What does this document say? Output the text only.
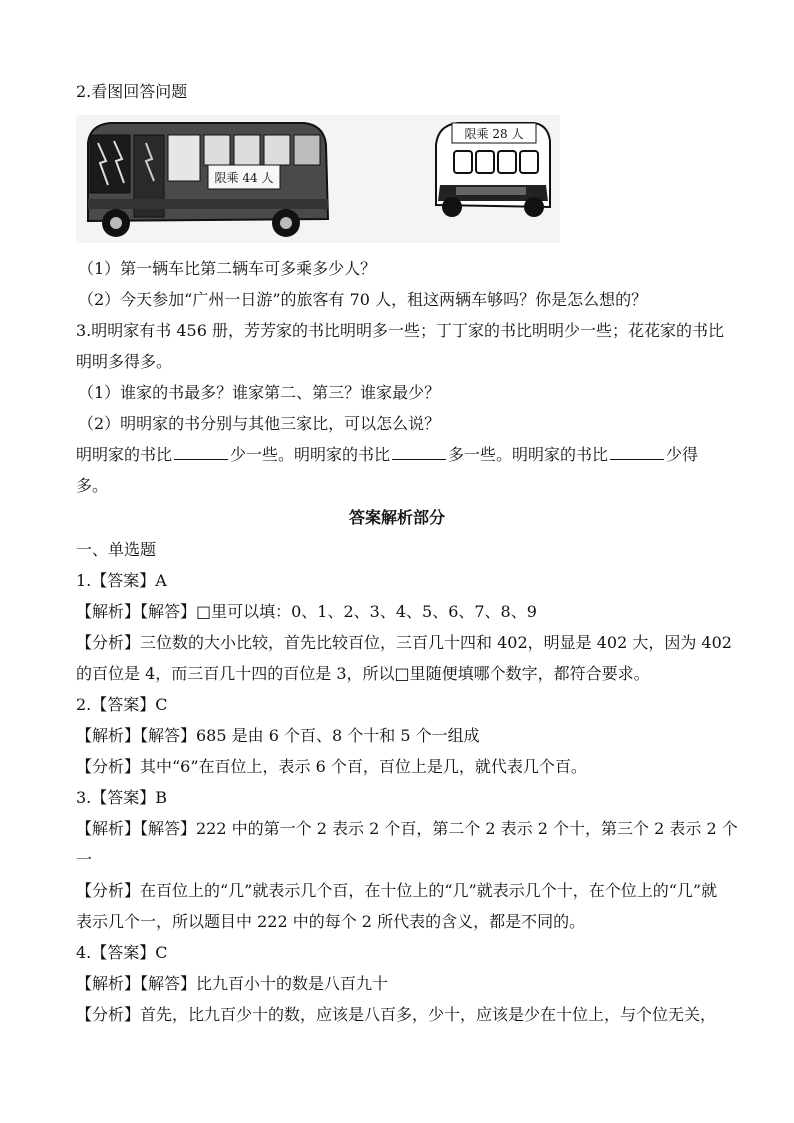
2.看图回答问题
限乘 44 人
限乘 28 人
（1）第一辆车比第二辆车可多乘多少人？
（2）今天参加“广州一日游”的旅客有 70 人，租这两辆车够吗？你是怎么想的？
3.明明家有书 456 册，芳芳家的书比明明多一些；丁丁家的书比明明少一些；花花家的书比
明明多得多。
（1）谁家的书最多？谁家第二、第三？谁家最少？
（2）明明家的书分别与其他三家比，可以怎么说？
明明家的书比	少一些。明明家的书比	多一些。明明家的书比	少得
多。
答案解析部分
一、单选题
1.【答案】A
【解析】【解答】□里可以填：0、1、2、3、4、5、6、7、8、9
【分析】三位数的大小比较，首先比较百位，三百几十四和 402，明显是 402 大，因为 402
的百位是 4，而三百几十四的百位是 3，所以□里随便填哪个数字，都符合要求。
2.【答案】C
【解析】【解答】685 是由 6 个百、8 个十和 5 个一组成
【分析】其中“6”在百位上，表示 6 个百，百位上是几，就代表几个百。
3.【答案】B
【解析】【解答】222 中的第一个 2 表示 2 个百，第二个 2 表示 2 个十，第三个 2 表示 2 个
一
【分析】在百位上的“几”就表示几个百，在十位上的“几”就表示几个十，在个位上的“几”就
表示几个一，所以题目中 222 中的每个 2 所代表的含义，都是不同的。
4.【答案】C
【解析】【解答】比九百小十的数是八百九十
【分析】首先，比九百少十的数，应该是八百多，少十，应该是少在十位上，与个位无关，
